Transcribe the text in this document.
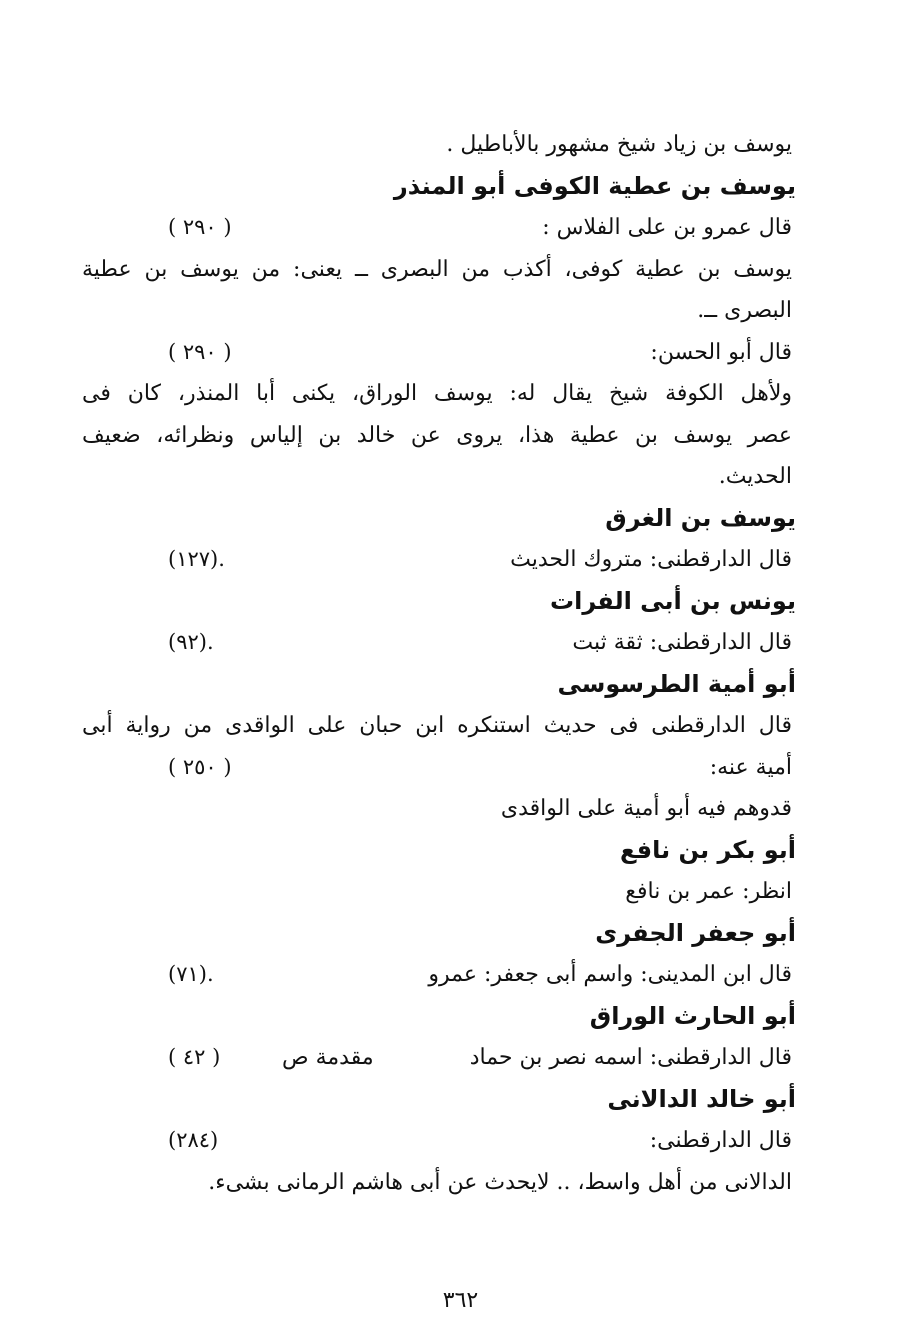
يوسف بن زياد شيخ مشهور بالأباطيل .
يوسف بن عطية الكوفى أبو المنذر
قال عمرو بن على الفلاس :
( ٢٩٠ )
يوسف بن عطية كوفى، أكذب من البصرى ــ يعنى: من يوسف بن عطية
البصرى ــ.
قال أبو الحسن:
( ٢٩٠ )
ولأهل الكوفة شيخ يقال له: يوسف الوراق، يكنى أبا المنذر، كان فى
عصر يوسف بن عطية هذا، يروى عن خالد بن إلياس ونظرائه، ضعيف
الحديث.
يوسف بن الغرق
قال الدارقطنى: متروك الحديث
(١٢٧).
يونس بن أبى الفرات
قال الدارقطنى: ثقة ثبت
(٩٢).
أبو أمية الطرسوسى
قال الدارقطنى فى حديث استنكره ابن حبان على الواقدى من رواية أبى
أمية عنه:
( ٢٥٠ )
قدوهم فيه أبو أمية على الواقدى
أبو بكر بن نافع
انظر: عمر بن نافع
أبو جعفر الجفرى
قال ابن المدينى: واسم أبى جعفر: عمرو
(٧١).
أبو الحارث الوراق
قال الدارقطنى: اسمه نصر بن حماد
مقدمة ص
( ٤٢ )
أبو خالد الدالانى
قال الدارقطنى:
(٢٨٤)
الدالانى من أهل واسط، .. لايحدث عن أبى هاشم الرمانى بشىء.
٣٦٢
